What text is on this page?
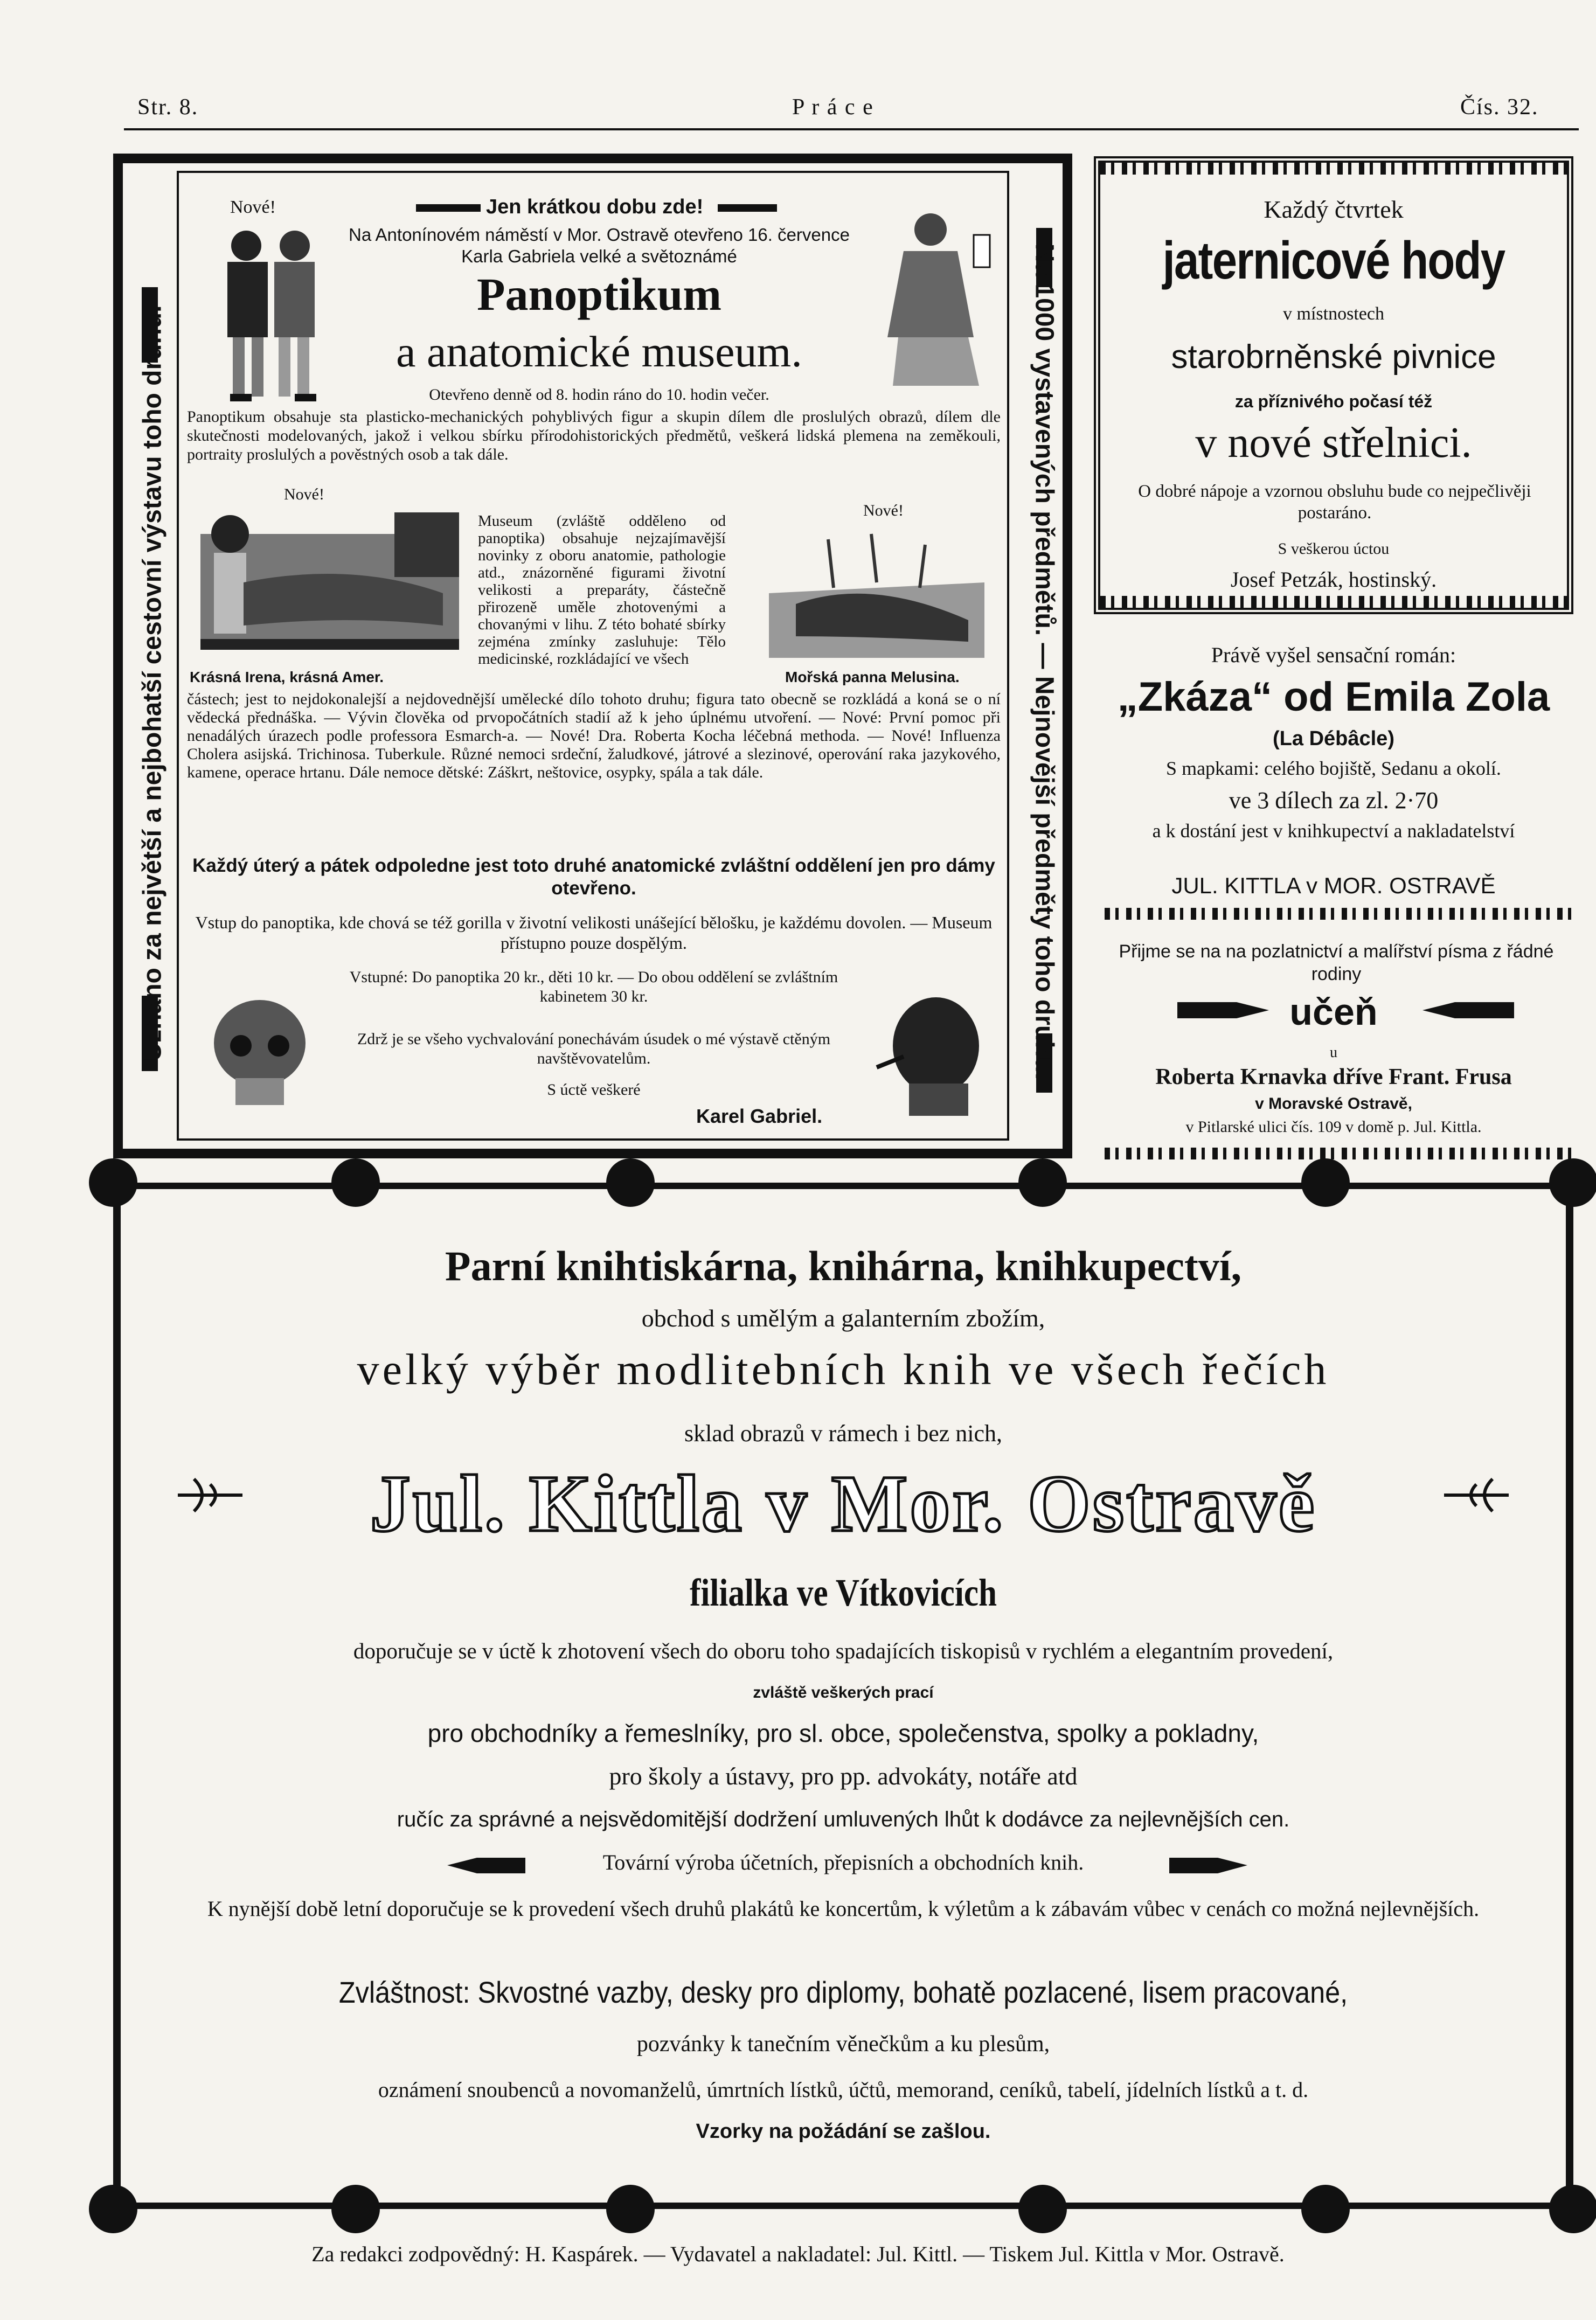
Str. 8.	P r á c e	Čís. 32.
Uznáno za největší a nejbohatší cestovní výstavu toho druhu.	Na 1000 vystavených předmětů. — Nejnovější předměty toho druhu.
Nové!	Jen krátkou dobu zde!
Na Antonínovém náměstí v Mor. Ostravě otevřeno 16. července Karla Gabriela velké a světoznámé
Panoptikum
a anatomické museum.
Otevřeno denně od 8. hodin ráno do 10. hodin večer.
Panoptikum obsahuje sta plasticko-mechanických pohyblivých figur a skupin dílem dle proslulých obrazů, dílem dle skutečnosti modelovaných, jakož i velkou sbírku přírodohistorických předmětů, veškerá lidská plemena na zeměkouli, portraity proslulých a pověstných osob a tak dále.
Nové!
Nové!
Krásná Irena, krásná Amer.
Museum (zvláště odděleno od panoptika) obsahuje nejzajímavější novinky z oboru anatomie, pathologie atd., znázorněné figurami životní velikosti a preparáty, částečně přirozeně uměle zhotovenými a chovanými v lihu. Z této bohaté sbírky zejména zmínky zasluhuje: Tělo medicinské, rozkládající ve všech
Mořská panna Melusina.
částech; jest to nejdokonalejší a nejdovednější umělecké dílo tohoto druhu; figura tato obecně se rozkládá a koná se o ní vědecká přednáška. — Vývin člověka od prvopočátních stadií až k jeho úplnému utvoření. — Nové: První pomoc při nenadálých úrazech podle professora Esmarch-a. — Nové! Dra. Roberta Kocha léčebná methoda. — Nové! Influenza Cholera asijská. Trichinosa. Tuberkule. Různé nemoci srdeční, žaludkové, játrové a slezinové, operování raka jazykového, kamene, operace hrtanu. Dále nemoce dětské: Záškrt, neštovice, osypky, spála a tak dále.
Každý úterý a pátek odpoledne jest toto druhé anatomické zvláštní oddělení jen pro dámy otevřeno.
Vstup do panoptika, kde chová se též gorilla v životní velikosti unášející bělošku, je každému dovolen. — Museum přístupno pouze dospělým.
Vstupné: Do panoptika 20 kr., děti 10 kr. — Do obou oddělení se zvláštním kabinetem 30 kr.
Zdrž je se všeho vychvalování ponechávám úsudek o mé výstavě ctěným navštěvovatelům.
S úctě veškeré
Karel Gabriel.
Každý čtvrtek
jaternicové hody
v místnostech
starobrněnské pivnice
za příznivého počasí též
v nové střelnici.
O dobré nápoje a vzornou obsluhu bude co nejpečlivěji postaráno.
S veškerou úctou
Josef Petzák, hostinský.
Právě vyšel sensační román:
„Zkáza“ od Emila Zola
(La Débâcle)
S mapkami: celého bojiště, Sedanu a okolí.
ve 3 dílech za zl. 2·70
a k dostání jest v knihkupectví a nakladatelství
JUL. KITTLA v MOR. OSTRAVĚ
Přijme se na na pozlatnictví a malířství písma z řádné rodiny
učeň
u
Roberta Krnavka dříve Frant. Frusa
v Moravské Ostravě,
v Pitlarské ulici čís. 109 v domě p. Jul. Kittla.
Parní knihtiskárna, knihárna, knihkupectví,
obchod s umělým a galanterním zbožím,
velký výběr modlitebních knih ve všech řečích
sklad obrazů v rámech i bez nich,
Jul. Kittla v Mor. Ostravě
filialka ve Vítkovicích
doporučuje se v úctě k zhotovení všech do oboru toho spadajících tiskopisů v rychlém a elegantním provedení,
zvláště veškerých prací
pro obchodníky a řemeslníky, pro sl. obce, společenstva, spolky a pokladny,
pro školy a ústavy, pro pp. advokáty, notáře atd
ručíc za správné a nejsvědomitější dodržení umluvených lhůt k dodávce za nejlevnějších cen.
Tovární výroba účetních, přepisních a obchodních knih.
K nynější době letní doporučuje se k provedení všech druhů plakátů ke koncertům, k výletům a k zábavám vůbec v cenách co možná nejlevnějších.
Zvláštnost: Skvostné vazby, desky pro diplomy, bohatě pozlacené, lisem pracované,
pozvánky k tanečním věnečkům a ku plesům,
oznámení snoubenců a novomanželů, úmrtních lístků, účtů, memorand, ceníků, tabelí, jídelních lístků a t. d.
Vzorky na požádání se zašlou.
Za redakci zodpovědný: H. Kaspárek. — Vydavatel a nakladatel: Jul. Kittl. — Tiskem Jul. Kittla v Mor. Ostravě.
